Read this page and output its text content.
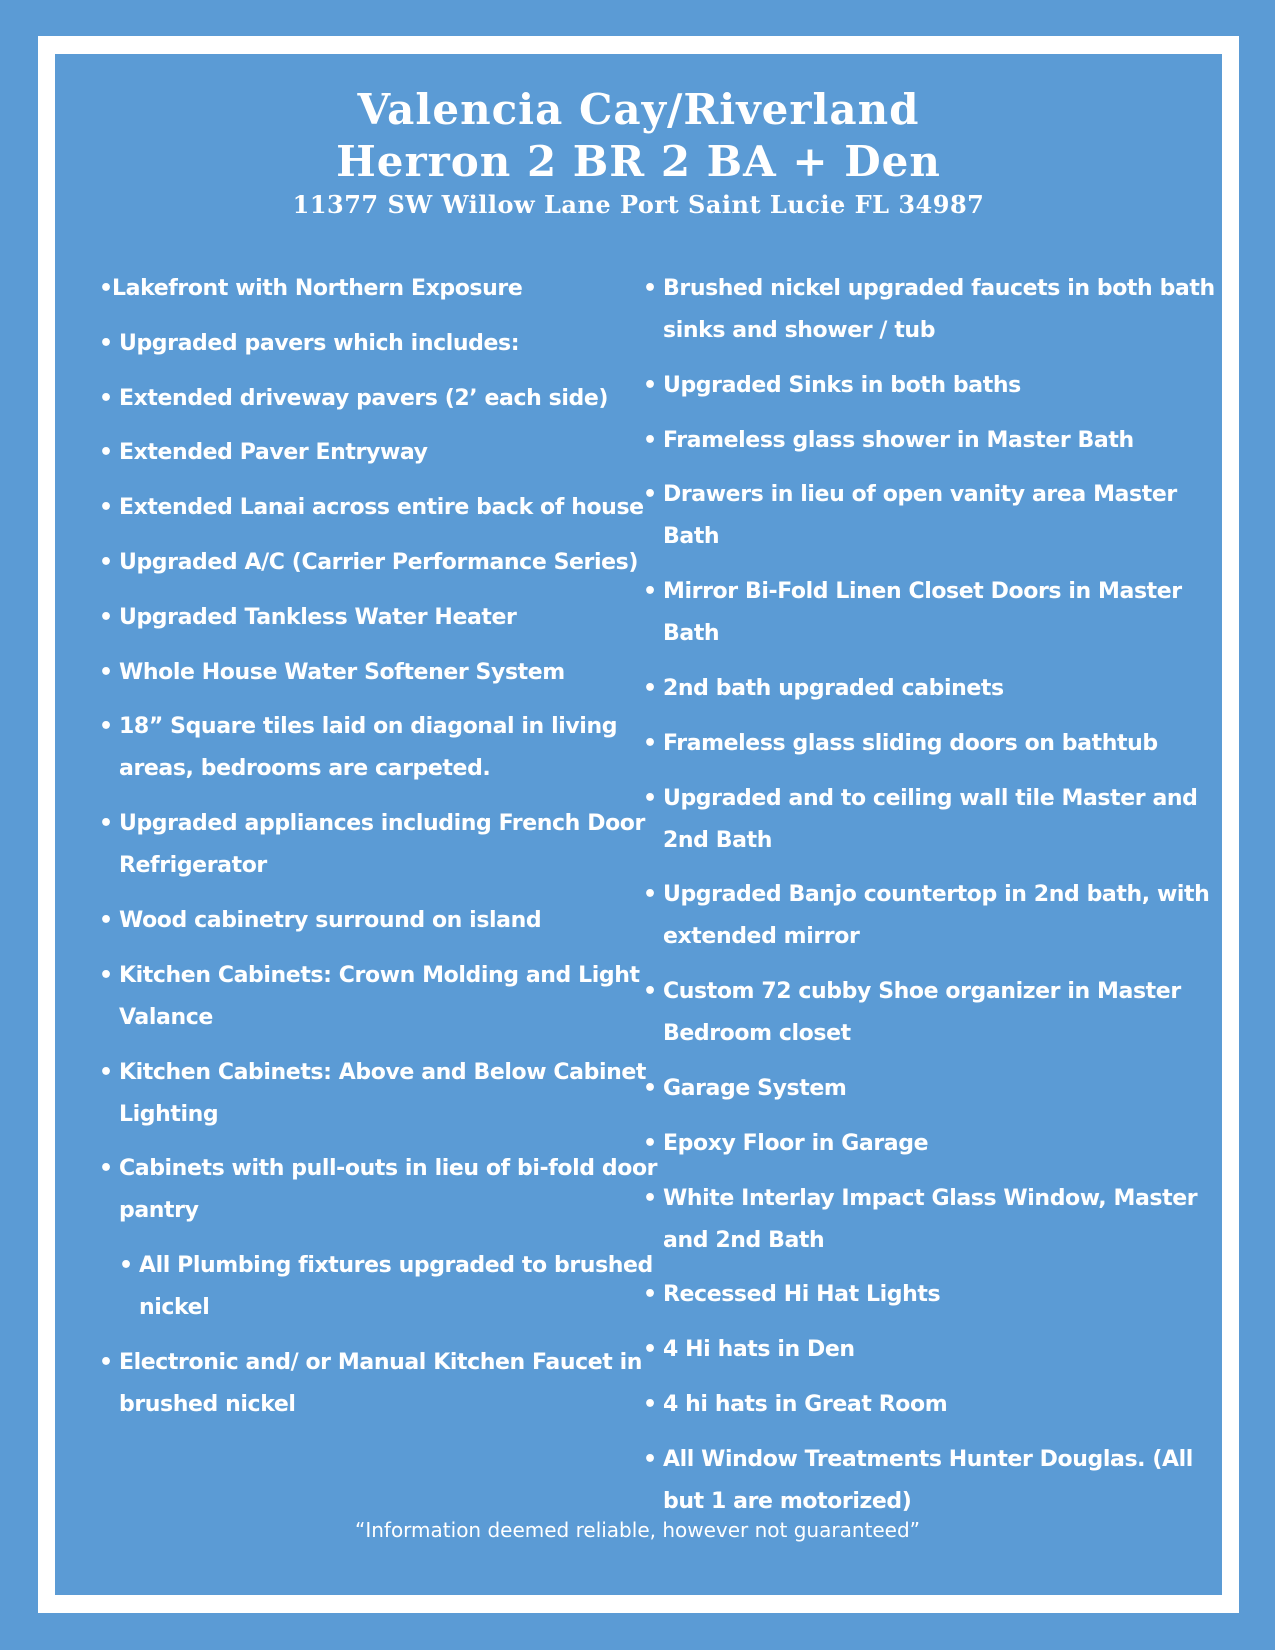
Valencia Cay/Riverland
Herron 2 BR 2 BA + Den
11377 SW Willow Lane Port Saint Lucie FL 34987
• Lakefront with Northern Exposure
• Upgraded pavers which includes:
• Extended driveway pavers (2’ each side)
• Extended Paver Entryway
• Extended Lanai across entire back of house
• Upgraded A/C (Carrier Performance Series)
• Upgraded Tankless Water Heater
• Whole House Water Softener System
• 18” Square tiles laid on diagonal in living areas, bedrooms are carpeted.
• Upgraded appliances including French Door Refrigerator
• Wood cabinetry surround on island
• Kitchen Cabinets: Crown Molding and Light Valance
• Kitchen Cabinets: Above and Below Cabinet Lighting
• Cabinets with pull-outs in lieu of bi-fold door pantry
• All Plumbing fixtures upgraded to brushed nickel
• Electronic and/ or Manual Kitchen Faucet in brushed nickel
• Brushed nickel upgraded faucets in both bath sinks and shower / tub
• Upgraded Sinks in both baths
• Frameless glass shower in Master Bath
• Drawers in lieu of open vanity area Master Bath
• Mirror Bi-Fold Linen Closet Doors in Master Bath
• 2nd bath upgraded cabinets
• Frameless glass sliding doors on bathtub
• Upgraded and to ceiling wall tile Master and 2nd Bath
• Upgraded Banjo countertop in 2nd bath, with extended mirror
• Custom 72 cubby Shoe organizer in Master Bedroom closet
• Garage System
• Epoxy Floor in Garage
• White Interlay Impact Glass Window, Master and 2nd Bath
• Recessed Hi Hat Lights
• 4 Hi hats in Den
• 4 hi hats in Great Room
• All Window Treatments Hunter Douglas. (All but 1 are motorized)
“Information deemed reliable, however not guaranteed”
